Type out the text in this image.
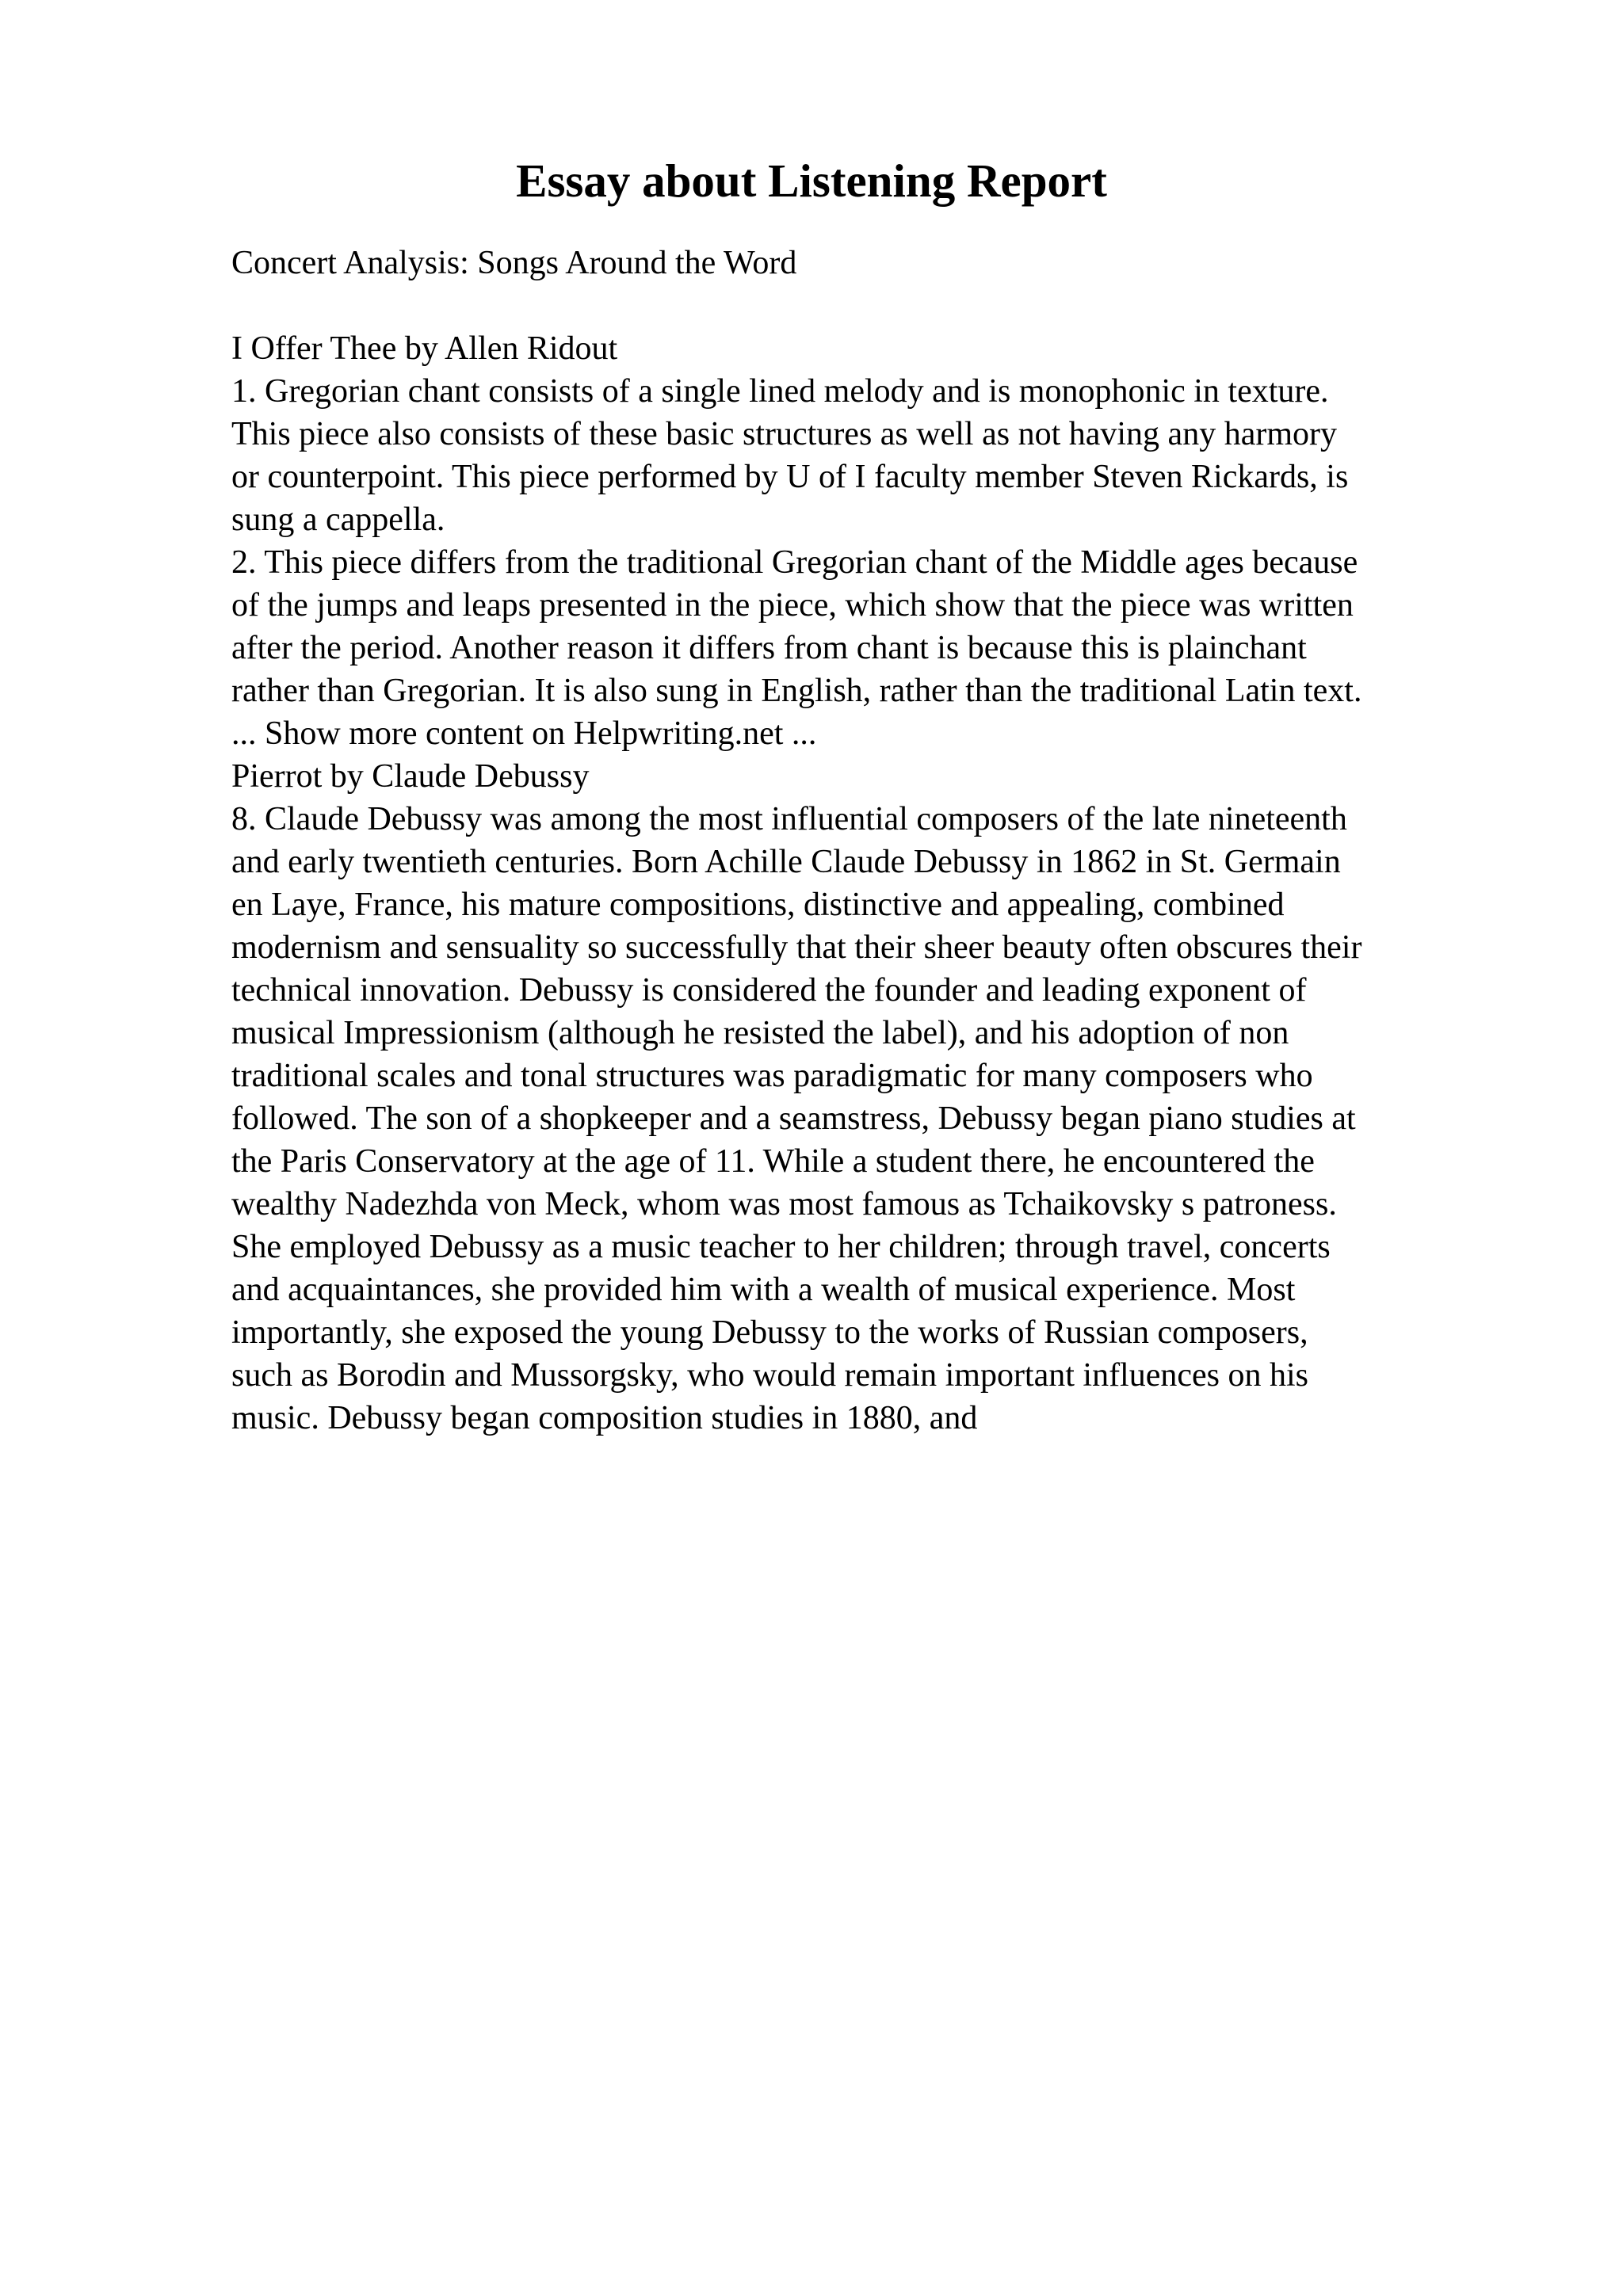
Essay about Listening Report
Concert Analysis: Songs Around the Word
I Offer Thee by Allen Ridout
1. Gregorian chant consists of a single lined melody and is monophonic in texture.
This piece also consists of these basic structures as well as not having any harmory
or counterpoint. This piece performed by U of I faculty member Steven Rickards, is
sung a cappella.
2. This piece differs from the traditional Gregorian chant of the Middle ages because
of the jumps and leaps presented in the piece, which show that the piece was written
after the period. Another reason it differs from chant is because this is plainchant
rather than Gregorian. It is also sung in English, rather than the traditional Latin text.
... Show more content on Helpwriting.net ...
Pierrot by Claude Debussy
8. Claude Debussy was among the most influential composers of the late nineteenth
and early twentieth centuries. Born Achille Claude Debussy in 1862 in St. Germain
en Laye, France, his mature compositions, distinctive and appealing, combined
modernism and sensuality so successfully that their sheer beauty often obscures their
technical innovation. Debussy is considered the founder and leading exponent of
musical Impressionism (although he resisted the label), and his adoption of non
traditional scales and tonal structures was paradigmatic for many composers who
followed. The son of a shopkeeper and a seamstress, Debussy began piano studies at
the Paris Conservatory at the age of 11. While a student there, he encountered the
wealthy Nadezhda von Meck, whom was most famous as Tchaikovsky s patroness.
She employed Debussy as a music teacher to her children; through travel, concerts
and acquaintances, she provided him with a wealth of musical experience. Most
importantly, she exposed the young Debussy to the works of Russian composers,
such as Borodin and Mussorgsky, who would remain important influences on his
music. Debussy began composition studies in 1880, and
